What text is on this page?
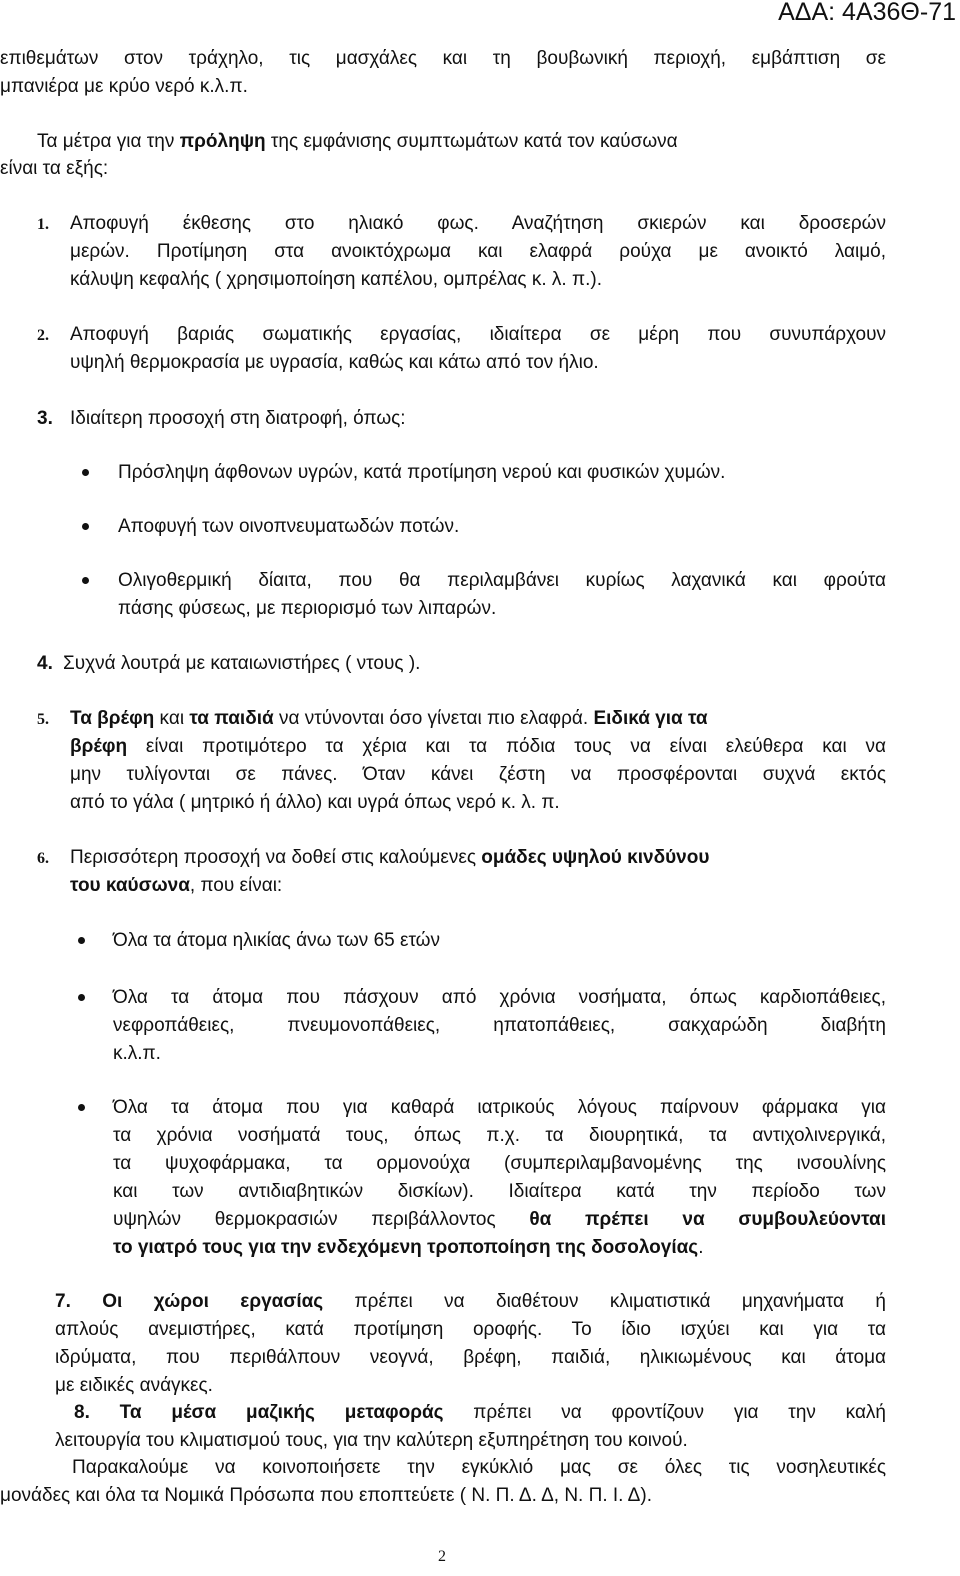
ΑΔΑ: 4Α36Θ-71
επιθεμάτων στον τράχηλο, τις μασχάλες και τη βουβωνική περιοχή, εμβάπτιση σε
μπανιέρα με κρύο νερό κ.λ.π.
Τα μέτρα για την πρόληψη της εμφάνισης συμπτωμάτων κατά τον καύσωνα
είναι τα εξής:
1. Αποφυγή έκθεσης στο ηλιακό φως. Αναζήτηση σκιερών και δροσερών
μερών. Προτίμηση στα ανοικτόχρωμα και ελαφρά ρούχα με ανοικτό λαιμό,
κάλυψη κεφαλής ( χρησιμοποίηση καπέλου, ομπρέλας κ. λ. π.).
2. Αποφυγή βαριάς σωματικής εργασίας, ιδιαίτερα σε μέρη που συνυπάρχουν
υψηλή θερμοκρασία με υγρασία, καθώς και κάτω από τον ήλιο.
3. Ιδιαίτερη προσοχή στη διατροφή, όπως:
Πρόσληψη άφθονων υγρών, κατά προτίμηση νερού και φυσικών χυμών.
Αποφυγή των οινοπνευματωδών ποτών.
Ολιγοθερμική δίαιτα, που θα περιλαμβάνει κυρίως λαχανικά και φρούτα
πάσης φύσεως, με περιορισμό των λιπαρών.
4. Συχνά λουτρά με καταιωνιστήρες ( ντους ).
5. Τα βρέφη και τα παιδιά να ντύνονται όσο γίνεται πιο ελαφρά. Ειδικά για τα
βρέφη είναι προτιμότερο τα χέρια και τα πόδια τους να είναι ελεύθερα και να
μην τυλίγονται σε πάνες. Όταν κάνει ζέστη να προσφέρονται συχνά εκτός
από το γάλα ( μητρικό ή άλλο) και υγρά όπως νερό κ. λ. π.
6. Περισσότερη προσοχή να δοθεί στις καλούμενες ομάδες υψηλού κινδύνου
του καύσωνα, που είναι:
Όλα τα άτομα ηλικίας άνω των 65 ετών
Όλα τα άτομα που πάσχουν από χρόνια νοσήματα, όπως καρδιοπάθειες,
νεφροπάθειες, πνευμονοπάθειες, ηπατοπάθειες, σακχαρώδη διαβήτη
κ.λ.π.
Όλα τα άτομα που για καθαρά ιατρικούς λόγους παίρνουν φάρμακα για
τα χρόνια νοσήματά τους, όπως π.χ. τα διουρητικά, τα αντιχολινεργικά,
τα ψυχοφάρμακα, τα ορμονούχα (συμπεριλαμβανομένης της ινσουλίνης
και των αντιδιαβητικών δισκίων). Ιδιαίτερα κατά την περίοδο των
υψηλών θερμοκρασιών περιβάλλοντος θα πρέπει να συμβουλεύονται
το γιατρό τους για την ενδεχόμενη τροποποίηση της δοσολογίας.
7. Οι χώροι εργασίας πρέπει να διαθέτουν κλιματιστικά μηχανήματα ή
απλούς ανεμιστήρες, κατά προτίμηση οροφής. Το ίδιο ισχύει και για τα
ιδρύματα, που περιθάλπουν νεογνά, βρέφη, παιδιά, ηλικιωμένους και άτομα
με ειδικές ανάγκες.
8. Τα μέσα μαζικής μεταφοράς πρέπει να φροντίζουν για την καλή
λειτουργία του κλιματισμού τους, για την καλύτερη εξυπηρέτηση του κοινού.
Παρακαλούμε να κοινοποιήσετε την εγκύκλιό μας σε όλες τις νοσηλευτικές
μονάδες και όλα τα Νομικά Πρόσωπα που εποπτεύετε ( Ν. Π. Δ. Δ, Ν. Π. Ι. Δ).
2
